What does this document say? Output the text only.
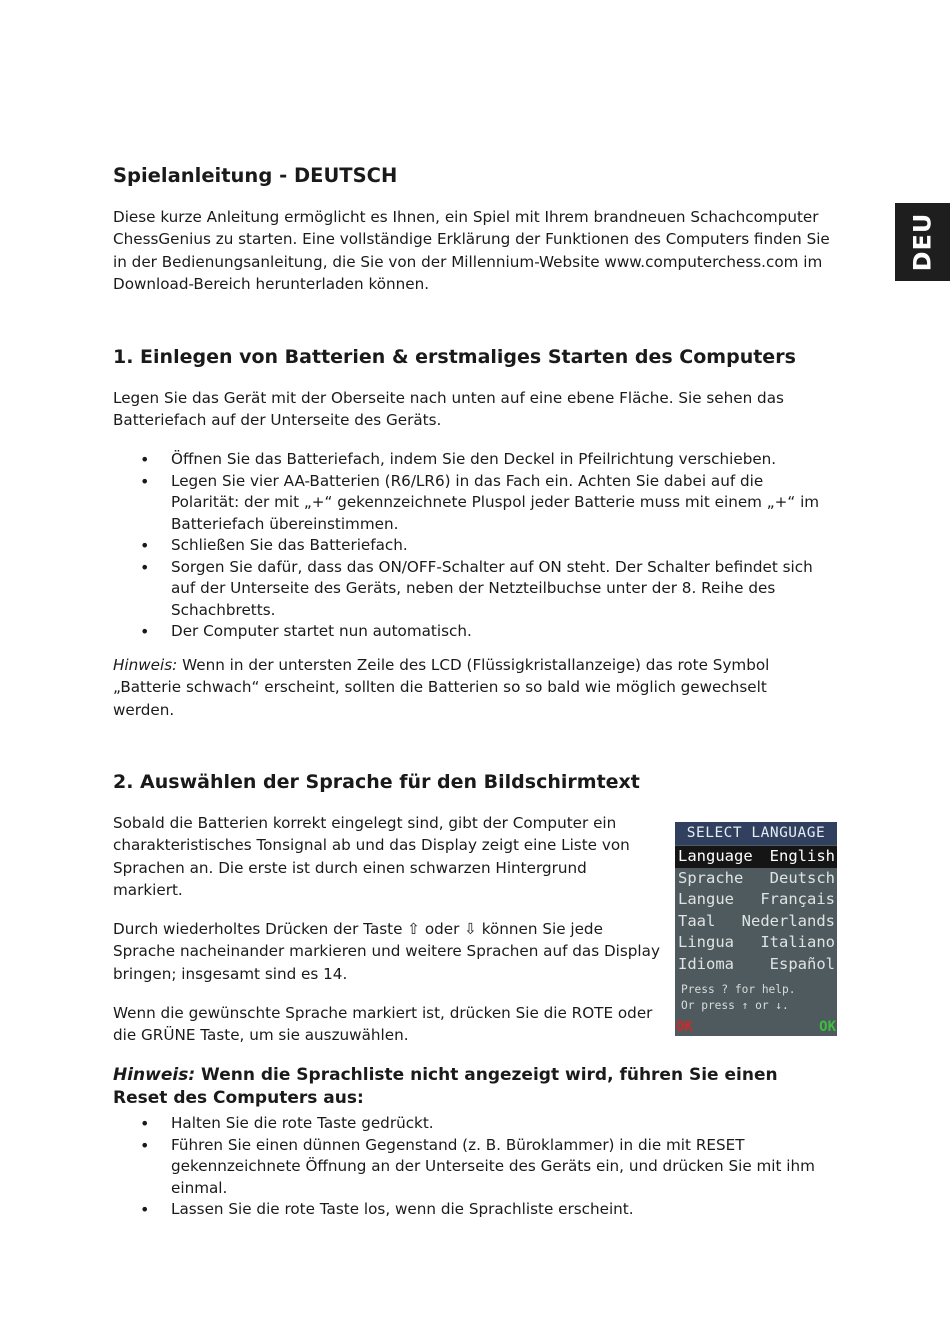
DEU
Spielanleitung - DEUTSCH

Diese kurze Anleitung ermöglicht es Ihnen, ein Spiel mit Ihrem brandneuen Schachcomputer ChessGenius zu starten. Eine vollständige Erklärung der Funktionen des Computers finden Sie in der Bedienungsanleitung, die Sie von der Millennium-Website www.computerchess.com im Download-Bereich herunterladen können.

1. Einlegen von Batterien & erstmaliges Starten des Computers

Legen Sie das Gerät mit der Oberseite nach unten auf eine ebene Fläche. Sie sehen das Batteriefach auf der Unterseite des Geräts.

• Öffnen Sie das Batteriefach, indem Sie den Deckel in Pfeilrichtung verschieben.
• Legen Sie vier AA-Batterien (R6/LR6) in das Fach ein. Achten Sie dabei auf die Polarität: der mit „+“ gekennzeichnete Pluspol jeder Batterie muss mit einem „+“ im Batteriefach übereinstimmen.
• Schließen Sie das Batteriefach.
• Sorgen Sie dafür, dass das ON/OFF-Schalter auf ON steht. Der Schalter befindet sich auf der Unterseite des Geräts, neben der Netzteilbuchse unter der 8. Reihe des Schachbretts.
• Der Computer startet nun automatisch.

Hinweis: Wenn in der untersten Zeile des LCD (Flüssigkristallanzeige) das rote Symbol „Batterie schwach“ erscheint, sollten die Batterien so so bald wie möglich gewechselt werden.

2. Auswählen der Sprache für den Bildschirmtext

Sobald die Batterien korrekt eingelegt sind, gibt der Computer ein charakteristisches Tonsignal ab und das Display zeigt eine Liste von Sprachen an. Die erste ist durch einen schwarzen Hintergrund markiert.

Durch wiederholtes Drücken der Taste ⇧ oder ⇩ können Sie jede Sprache nacheinander markieren und weitere Sprachen auf das Display bringen; insgesamt sind es 14.

Wenn die gewünschte Sprache markiert ist, drücken Sie die ROTE oder die GRÜNE Taste, um sie auszuwählen.

Hinweis: Wenn die Sprachliste nicht angezeigt wird, führen Sie einen Reset des Computers aus:

• Halten Sie die rote Taste gedrückt.
• Führen Sie einen dünnen Gegenstand (z. B. Büroklammer) in die mit RESET gekennzeichnete Öffnung an der Unterseite des Geräts ein, und drücken Sie mit ihm einmal.
• Lassen Sie die rote Taste los, wenn die Sprachliste erscheint.
SELECT LANGUAGE
Language English
Sprache Deutsch
Langue Français
Taal Nederlands
Lingua Italiano
Idioma Español
Press ? for help.
Or press ↑ or ↓.
OK	OK
